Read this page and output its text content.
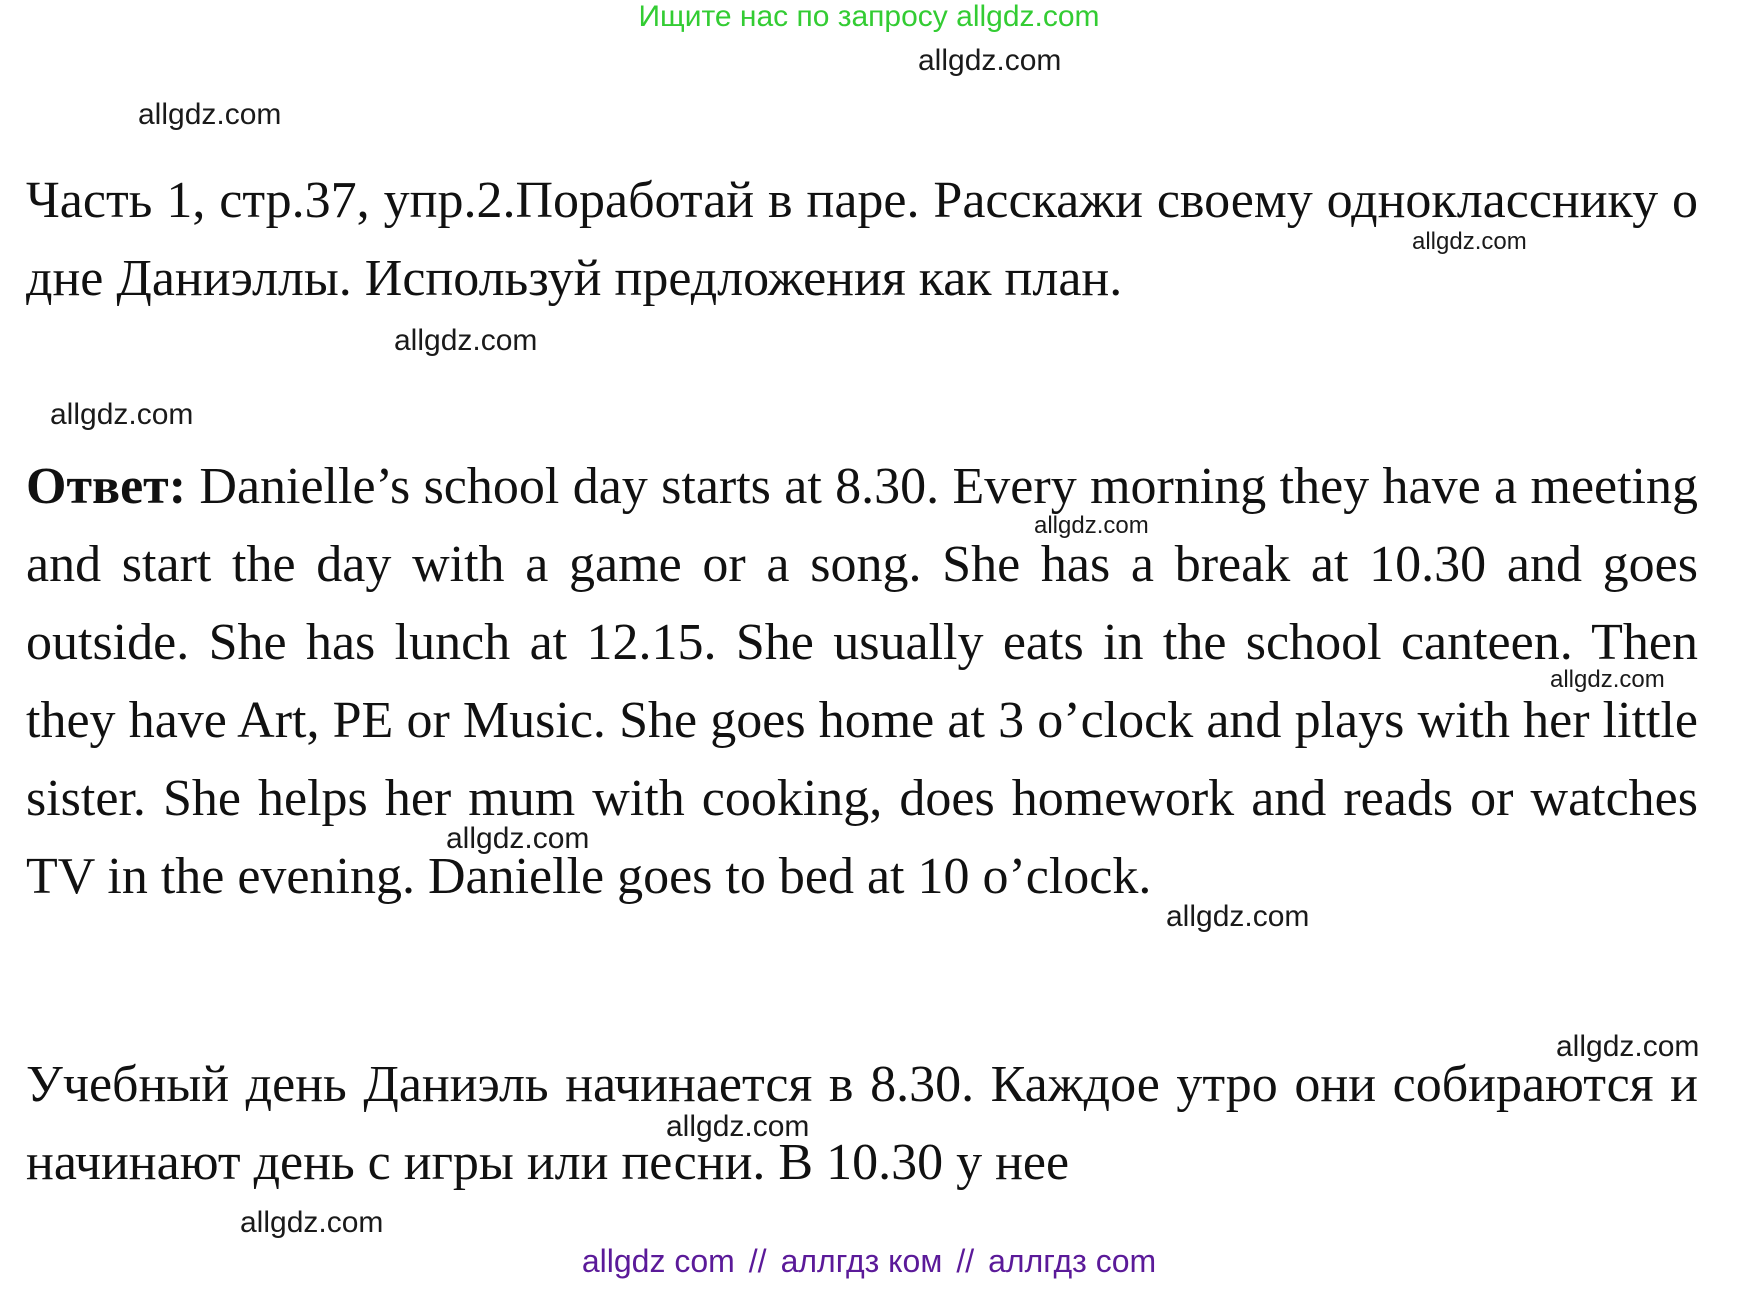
Ищите нас по запросу allgdz.com
allgdz.com
allgdz.com

Часть 1, стр.37, упр.2.Поработай в паре. Расскажи своему однокласснику о дне Даниэллы. Используй предложения как план.

allgdz.com
allgdz.com
allgdz.com

Ответ: Danielle’s school day starts at 8.30. Every morning they have a meeting and start the day with a game or a song. She has a break at 10.30 and goes outside. She has lunch at 12.15. She usually eats in the school canteen. Then they have Art, PE or Music. She goes home at 3 o’clock and plays with her little sister. She helps her mum with cooking, does homework and reads or watches TV in the evening. Danielle goes to bed at 10 o’clock.

allgdz.com
allgdz.com
allgdz.com
allgdz.com
allgdz.com

Учебный день Даниэль начинается в 8.30. Каждое утро они собираются и начинают день с игры или песни. В 10.30 у нее

allgdz.com
allgdz.com
allgdz com // аллгдз ком // аллгдз com
